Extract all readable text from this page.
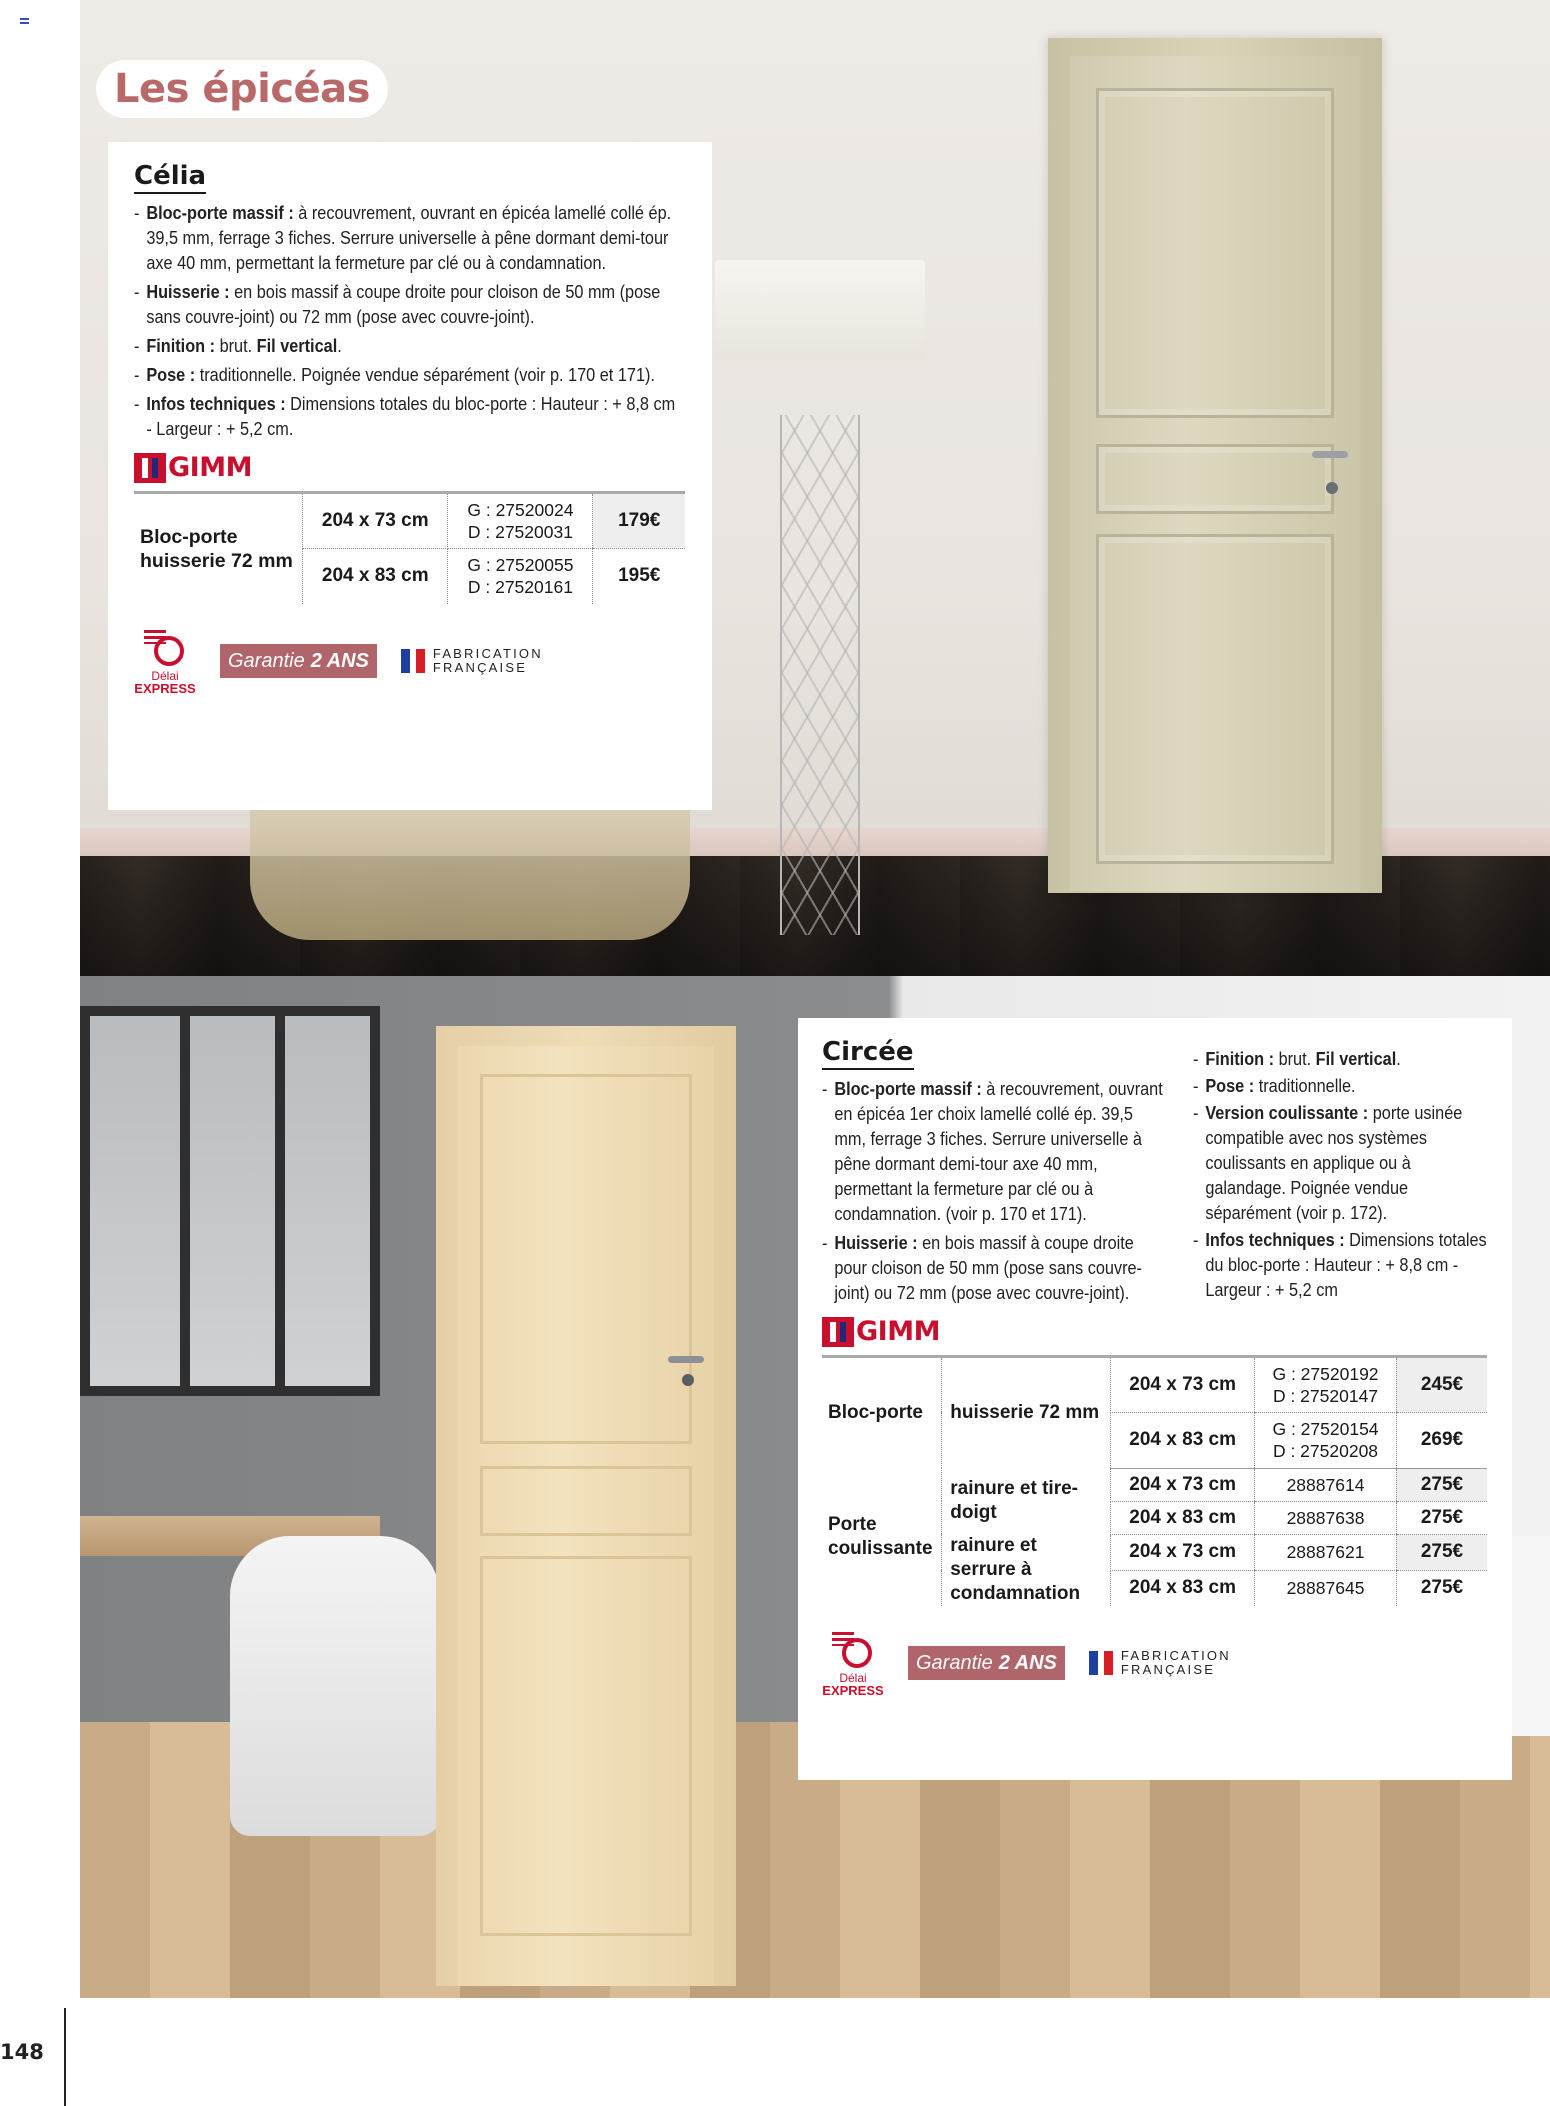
Les épicéas
Célia
- Bloc-porte massif : à recouvrement, ouvrant en épicéa lamellé collé ép. 39,5 mm, ferrage 3 fiches. Serrure universelle à pêne dormant demi-tour axe 40 mm, permettant la fermeture par clé ou à condamnation.
- Huisserie : en bois massif à coupe droite pour cloison de 50 mm (pose sans couvre-joint) ou 72 mm (pose avec couvre-joint).
- Finition : brut. Fil vertical.
- Pose : traditionnelle. Poignée vendue séparément (voir p. 170 et 171).
- Infos techniques : Dimensions totales du bloc-porte : Hauteur : + 8,8 cm - Largeur : + 5,2 cm.
GIMM
Bloc-porte huisserie 72 mm	204 x 73 cm	G : 27520024
D : 27520031	179€
	204 x 83 cm	G : 27520055
D : 27520161	195€
Délai
EXPRESS
Garantie 2 ANS	FABRICATION
FRANÇAISE
Circée
- Bloc-porte massif : à recouvrement, ouvrant en épicéa 1er choix lamellé collé ép. 39,5 mm, ferrage 3 fiches. Serrure universelle à pêne dormant demi-tour axe 40 mm, permettant la fermeture par clé ou à condamnation. (voir p. 170 et 171).
- Huisserie : en bois massif à coupe droite pour cloison de 50 mm (pose sans couvre-joint) ou 72 mm (pose avec couvre-joint).
GIMM
- Finition : brut. Fil vertical.
- Pose : traditionnelle.
- Version coulissante : porte usinée compatible avec nos systèmes coulissants en applique ou à galandage. Poignée vendue séparément (voir p. 172).
- Infos techniques : Dimensions totales du bloc-porte : Hauteur : + 8,8 cm - Largeur : + 5,2 cm
Bloc-porte	huisserie 72 mm	204 x 73 cm	G : 27520192
D : 27520147	245€
		204 x 83 cm	G : 27520154
D : 27520208	269€
Porte coulissante	rainure et tire-doigt	204 x 73 cm	28887614	275€
		204 x 83 cm	28887638	275€
	rainure et serrure à condamnation	204 x 73 cm	28887621	275€
		204 x 83 cm	28887645	275€
Délai
EXPRESS
Garantie 2 ANS	FABRICATION
FRANÇAISE
148
